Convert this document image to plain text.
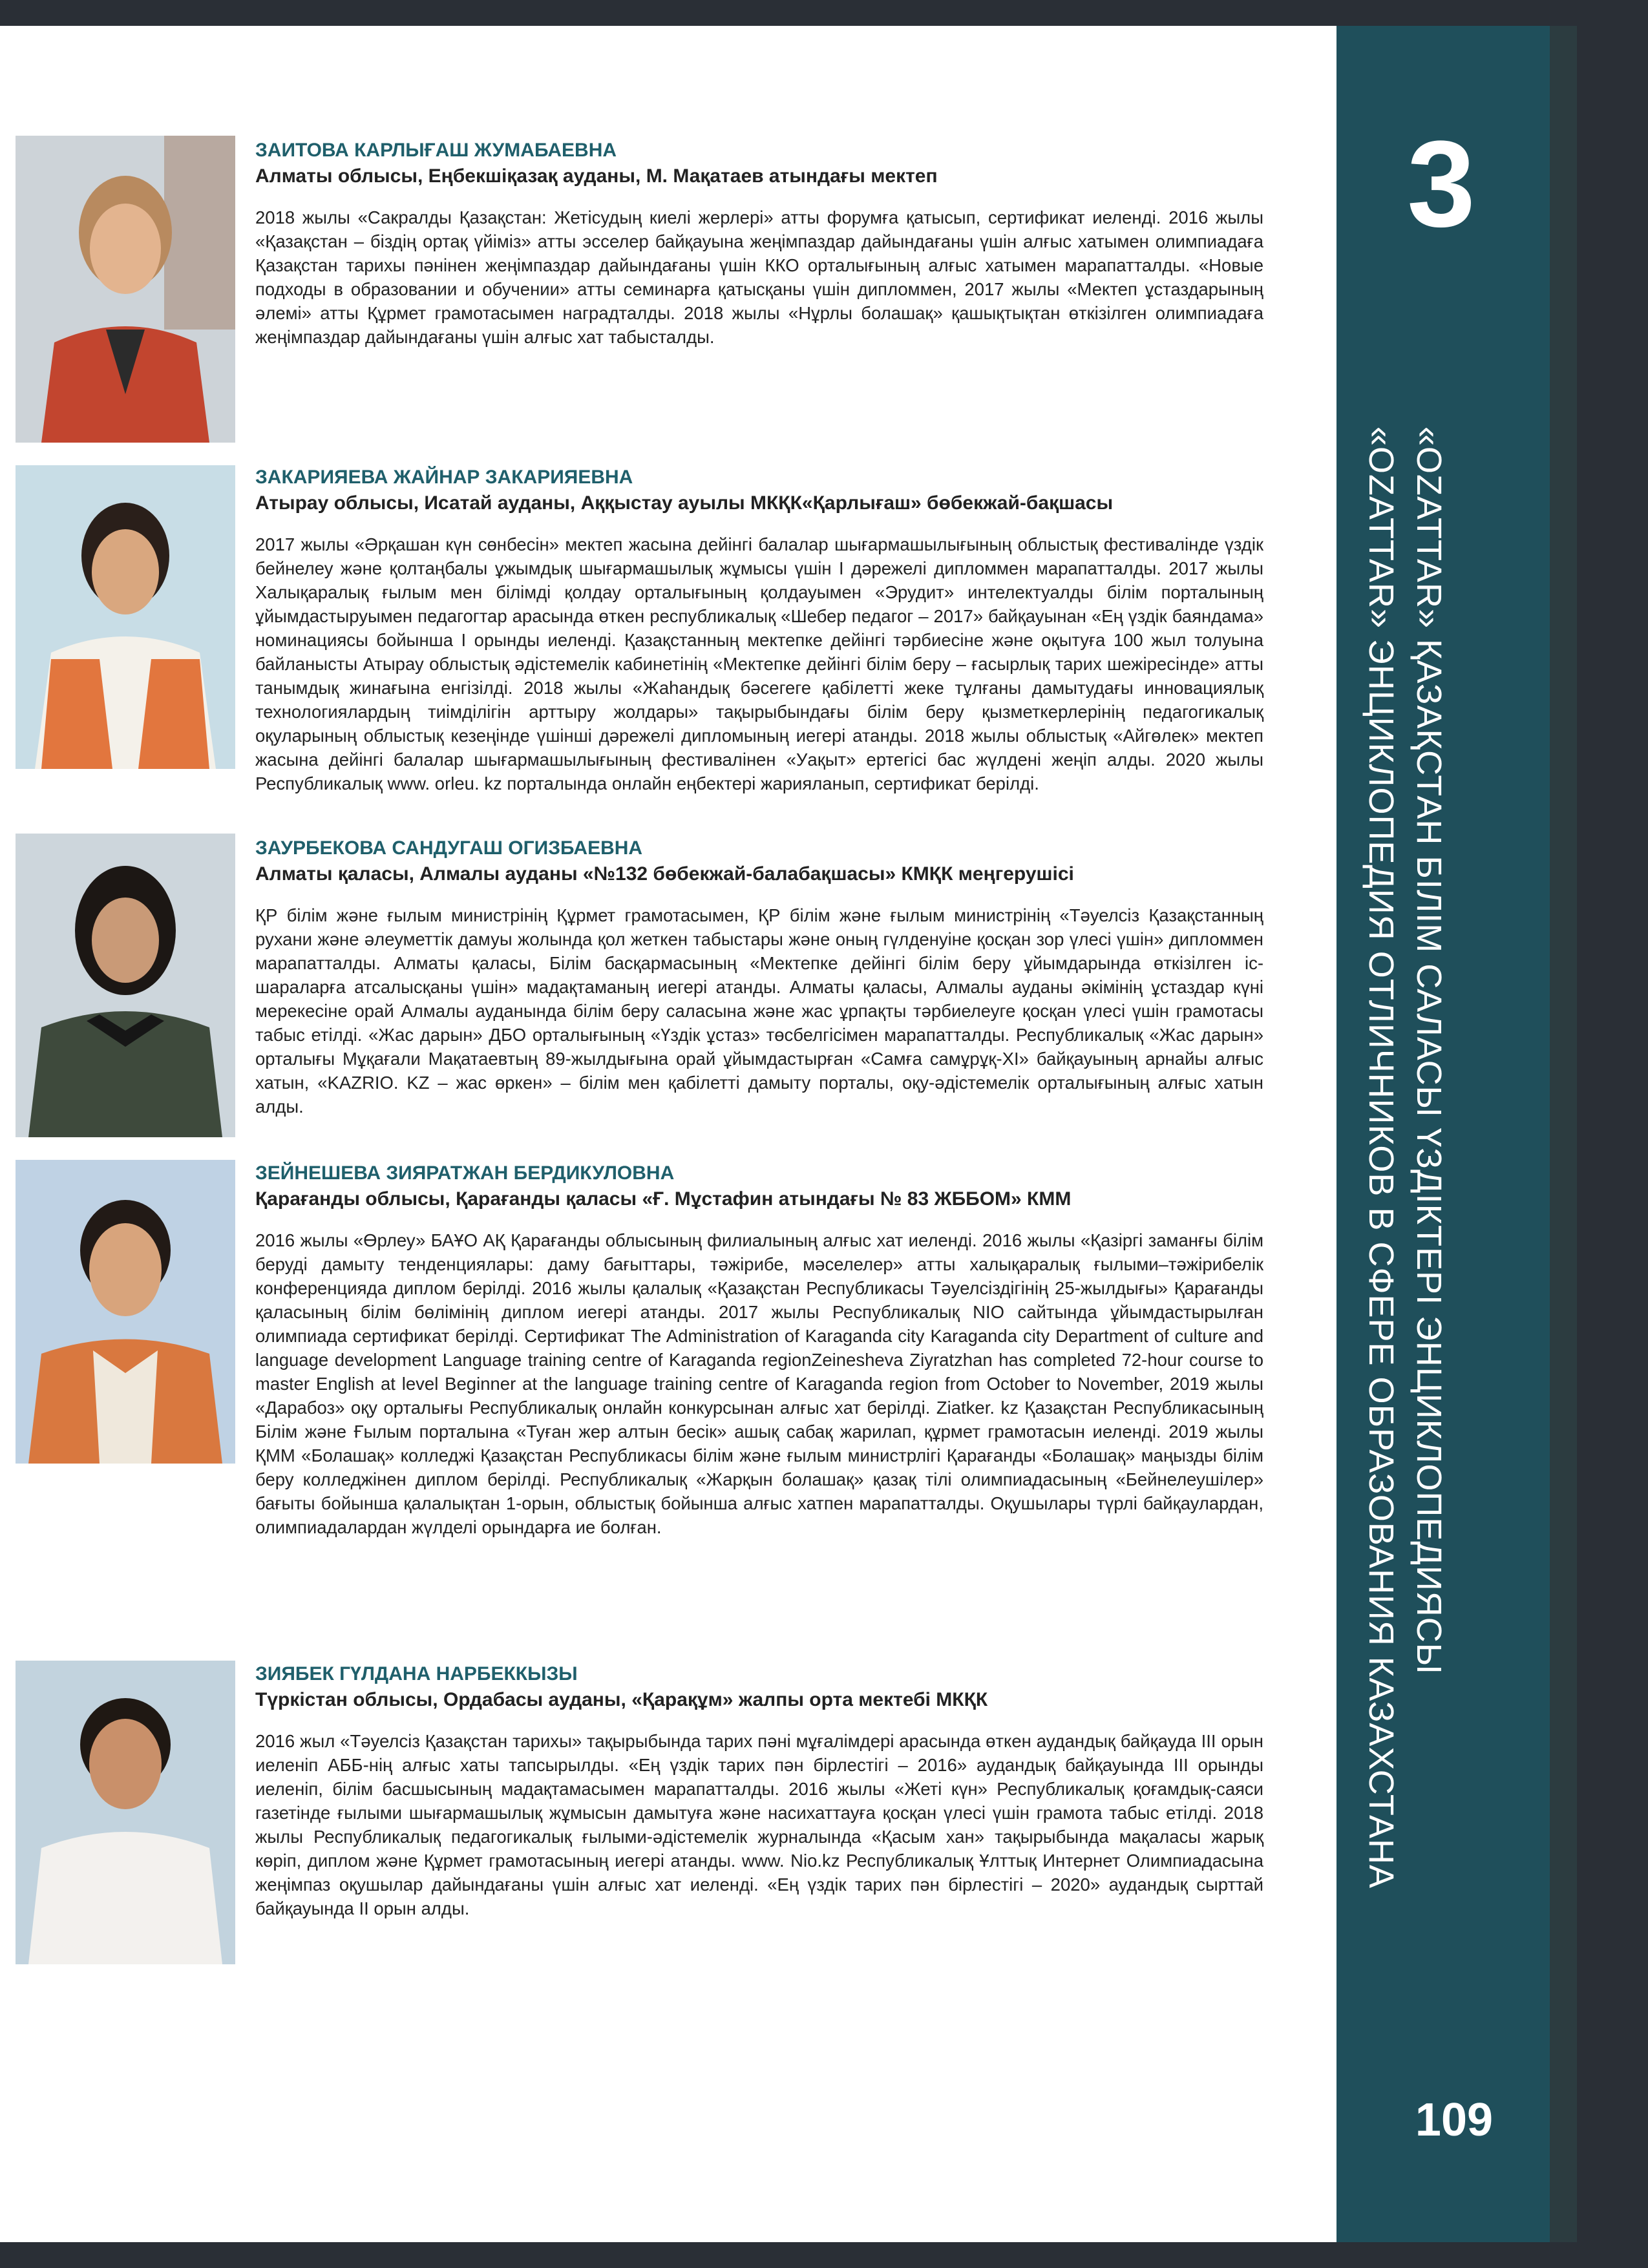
3
«OZATTAR» ҚАЗАҚСТАН БІЛІМ САЛАСЫ ҮЗДІКТЕРІ ЭНЦИКЛОПЕДИЯСЫ
«OZATTAR» ЭНЦИКЛОПЕДИЯ ОТЛИЧНИКОВ В СФЕРЕ ОБРАЗОВАНИЯ КАЗАХСТАНА
109

ЗАИТОВА КАРЛЫҒАШ ЖУМАБАЕВНА

Алматы облысы, Еңбекшіқазақ ауданы, М. Мақатаев атындағы мектеп

2018 жылы «Сакралды Қазақстан: Жетісудың киелі жерлері» атты форумға қатысып, сертификат иеленді. 2016 жылы «Қазақстан – біздің ортақ үйіміз» атты эсселер байқауына жеңімпаздар дайындағаны үшін алғыс хатымен олимпиадаға Қазақстан тарихы пәнінен жеңімпаздар дайындағаны үшін ККО орталығының алғыс хатымен марапатталды. «Новые подходы в образовании и обучении» атты семинарға қатысқаны үшін дипломмен, 2017 жылы «Мектеп ұстаздарының әлемі» атты Құрмет грамотасымен наградталды. 2018 жылы «Нұрлы болашақ» қашықтықтан өткізілген олимпиадаға жеңімпаздар дайындағаны үшін алғыс хат табысталды.

ЗАКАРИЯЕВА ЖАЙНАР ЗАКАРИЯЕВНА

Атырау облысы, Исатай ауданы, Аққыстау ауылы МКҚК«Қарлығаш» бөбекжай-бақшасы

2017 жылы «Әрқашан күн сөнбесін» мектеп жасына дейінгі балалар шығармашылығының облыстық фестивалінде үздік бейнелеу және қолтаңбалы ұжымдық шығармашылық жұмысы үшін І дәрежелі дипломмен марапатталды. 2017 жылы Халықаралық ғылым мен білімді қолдау орталығының қолдауымен «Эрудит» интелектуалды білім порталының ұйымдастыруымен педагогтар арасында өткен республикалық «Шебер педагог – 2017» байқауынан «Ең үздік баяндама» номинациясы бойынша І орынды иеленді. Қазақстанның мектепке дейінгі тәрбиесіне және оқытуға 100 жыл толуына байланысты Атырау облыстық әдістемелік кабинетінің «Мектепке дейінгі білім беру – ғасырлық тарих шежіресінде» атты танымдық жинағына енгізілді. 2018 жылы «Жаһандық бәсегеге қабілетті жеке тұлғаны дамытудағы инновациялық технологиялардың тиімділігін арттыру жолдары» тақырыбындағы білім беру қызметкерлерінің педагогикалық оқуларының облыстық кезеңінде үшінші дәрежелі дипломының иегері атанды. 2018 жылы облыстық «Айгөлек» мектеп жасына дейінгі балалар шығармашылығының фестивалінен «Уақыт» ертегісі бас жүлдені жеңіп алды. 2020 жылы Республикалық www. orleu. kz порталында онлайн еңбектері жарияланып, сертификат берілді.

ЗАУРБЕКОВА САНДУГАШ ОГИЗБАЕВНА

Алматы қаласы, Алмалы ауданы «№132 бөбекжай-балабақшасы» КМҚК меңгерушісі

ҚР білім және ғылым министрінің Құрмет грамотасымен, ҚР білім және ғылым министрінің «Тәуелсіз Қазақстанның рухани және әлеуметтік дамуы жолында қол жеткен табыстары және оның гүлденуіне қосқан зор үлесі үшін» дипломмен марапатталды. Алматы қаласы, Білім басқармасының «Мектепке дейінгі білім беру ұйымдарында өткізілген іс-шараларға атсалысқаны үшін» мадақтаманың иегері атанды. Алматы қаласы, Алмалы ауданы әкімінің ұстаздар күні мерекесіне орай Алмалы ауданында білім беру саласына және жас ұрпақты тәрбиелеуге қосқан үлесі үшін грамотасы табыс етілді. «Жас дарын» ДБО орталығының «Үздік ұстаз» төсбелгісімен марапатталды. Республикалық «Жас дарын» орталығы Мұқағали Мақатаевтың 89-жылдығына орай ұйымдастырған «Самға самұрұқ-ХІ» байқауының арнайы алғыс хатын, «KAZRIO. KZ – жас өркен» – білім мен қабілетті дамыту порталы, оқу-әдістемелік орталығының алғыс хатын алды.

ЗЕЙНЕШЕВА ЗИЯРАТЖАН БЕРДИКУЛОВНА

Қарағанды облысы, Қарағанды қаласы «Ғ. Мұстафин атындағы № 83 ЖББОМ» КММ

2016 жылы «Өрлеу» БАҰО АҚ Қарағанды облысының филиалының алғыс хат иеленді. 2016 жылы «Қазіргі заманғы білім беруді дамыту тенденциялары: даму бағыттары, тәжірибе, мәселелер» атты халықаралық ғылыми–тәжірибелік конференцияда диплом берілді. 2016 жылы қалалық «Қазақстан Республикасы Тәуелсіздігінің 25-жылдығы» Қарағанды қаласының білім бөлімінің диплом иегері атанды. 2017 жылы Республикалық NIO сайтында ұйымдастырылған олимпиада сертификат берілді. Сертификат The Administration of Karaganda city Karaganda city Department of culture and language development Language training centre of Karaganda regionZeinesheva Ziyratzhan has completed 72-hour course to master English at level Beginner at the language training centre of Karaganda region from October to November, 2019 жылы «Дарабоз» оқу орталығы Республикалық онлайн конкурсынан алғыс хат берілді. Ziatker. kz Қазақстан Республикасының Білім және Ғылым порталына «Туған жер алтын бесік» ашық сабақ жарилап, құрмет грамотасын иеленді. 2019 жылы ҚММ «Болашақ» колледжі Қазақстан Республикасы білім және ғылым министрлігі Қарағанды «Болашақ» маңызды білім беру колледжінен диплом берілді. Республикалық «Жарқын болашақ» қазақ тілі олимпиадасының «Бейнелеушілер» бағыты бойынша қалалықтан 1-орын, облыстық бойынша алғыс хатпен марапатталды. Оқушылары түрлі байқаулардан, олимпиадалардан жүлделі орындарға ие болған.

ЗИЯБЕК ГҮЛДАНА НАРБЕККЫЗЫ

Түркістан облысы, Ордабасы ауданы, «Қарақұм» жалпы орта мектебі МКҚК

2016 жыл «Тәуелсіз Қазақстан тарихы» тақырыбында тарих пәні мұғалімдері арасында өткен аудандық байқауда ІІІ орын иеленіп АББ-нің алғыс хаты тапсырылды. «Ең үздік тарих пән бірлестігі – 2016» аудандық байқауында ІІІ орынды иеленіп, білім басшысының мадақтамасымен марапатталды. 2016 жылы «Жеті күн» Республикалық қоғамдық-саяси газетінде ғылыми шығармашылық жұмысын дамытуға және насихаттауға қосқан үлесі үшін грамота табыс етілді. 2018 жылы Республикалық педагогикалық ғылыми-әдістемелік журналында «Қасым хан» тақырыбында мақаласы жарық көріп, диплом және Құрмет грамотасының иегері атанды. www. Nio.kz Республикалық Ұлттық Интернет Олимпиадасына жеңімпаз оқушылар дайындағаны үшін алғыс хат иеленді. «Ең үздік тарих пән бірлестігі – 2020» аудандық сырттай байқауында ІІ орын алды.
